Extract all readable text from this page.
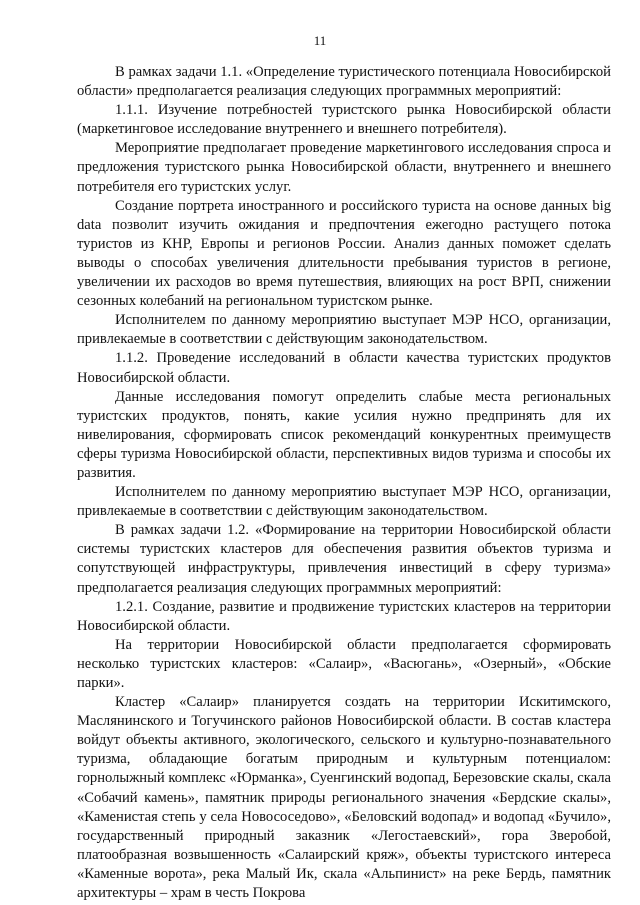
11

В рамках задачи 1.1. «Определение туристического потенциала Новосибирской области» предполагается реализация следующих программных мероприятий:

1.1.1. Изучение потребностей туристского рынка Новосибирской области (маркетинговое исследование внутреннего и внешнего потребителя).

Мероприятие предполагает проведение маркетингового исследования спроса и предложения туристского рынка Новосибирской области, внутреннего и внешнего потребителя его туристских услуг.

Создание портрета иностранного и российского туриста на основе данных big data позволит изучить ожидания и предпочтения ежегодно растущего потока туристов из КНР, Европы и регионов России. Анализ данных поможет сделать выводы о способах увеличения длительности пребывания туристов в регионе, увеличении их расходов во время путешествия, влияющих на рост ВРП, снижении сезонных колебаний на региональном туристском рынке.

Исполнителем по данному мероприятию выступает МЭР НСО, организации, привлекаемые в соответствии с действующим законодательством.

1.1.2. Проведение исследований в области качества туристских продуктов Новосибирской области.

Данные исследования помогут определить слабые места региональных туристских продуктов, понять, какие усилия нужно предпринять для их нивелирования, сформировать список рекомендаций конкурентных преимуществ сферы туризма Новосибирской области, перспективных видов туризма и способы их развития.

Исполнителем по данному мероприятию выступает МЭР НСО, организации, привлекаемые в соответствии с действующим законодательством.

В рамках задачи 1.2. «Формирование на территории Новосибирской области системы туристских кластеров для обеспечения развития объектов туризма и сопутствующей инфраструктуры, привлечения инвестиций в сферу туризма» предполагается реализация следующих программных мероприятий:

1.2.1. Создание, развитие и продвижение туристских кластеров на территории Новосибирской области.

На территории Новосибирской области предполагается сформировать несколько туристских кластеров: «Салаир», «Васюгань», «Озерный», «Обские парки».

Кластер «Салаир» планируется создать на территории Искитимского, Маслянинского и Тогучинского районов Новосибирской области. В состав кластера войдут объекты активного, экологического, сельского и культурно-познавательного туризма, обладающие богатым природным и культурным потенциалом: горнолыжный комплекс «Юрманка», Суенгинский водопад, Березовские скалы, скала «Собачий камень», памятник природы регионального значения «Бердские скалы», «Каменистая степь у села Новососедово», «Беловский водопад» и водопад «Бучило», государственный природный заказник «Легостаевский», гора Зверобой, платообразная возвышенность «Салаирский кряж», объекты туристского интереса «Каменные ворота», река Малый Ик, скала «Альпинист» на реке Бердь, памятник архитектуры – храм в честь Покрова
